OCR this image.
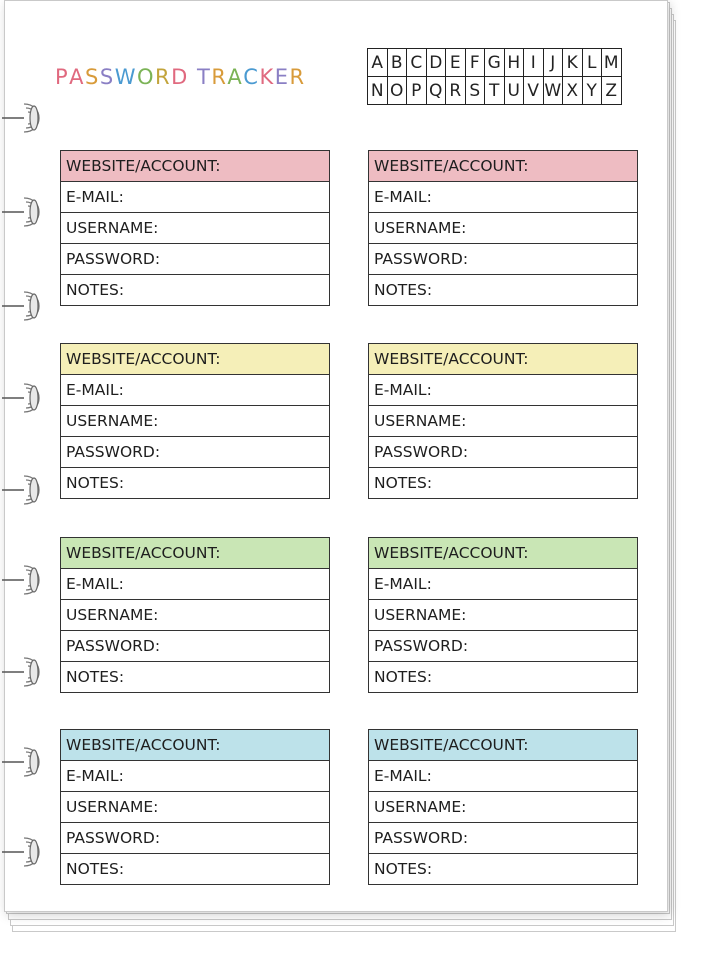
PASSWORD TRACKER
A	B	C	D	E	F	G	H	I	J	K	L	M
N	O	P	Q	R	S	T	U	V	W	X	Y	Z
WEBSITE/ACCOUNT:
E-MAIL:
USERNAME:
PASSWORD:
NOTES:
WEBSITE/ACCOUNT:
E-MAIL:
USERNAME:
PASSWORD:
NOTES:
WEBSITE/ACCOUNT:
E-MAIL:
USERNAME:
PASSWORD:
NOTES:
WEBSITE/ACCOUNT:
E-MAIL:
USERNAME:
PASSWORD:
NOTES:
WEBSITE/ACCOUNT:
E-MAIL:
USERNAME:
PASSWORD:
NOTES:
WEBSITE/ACCOUNT:
E-MAIL:
USERNAME:
PASSWORD:
NOTES:
WEBSITE/ACCOUNT:
E-MAIL:
USERNAME:
PASSWORD:
NOTES:
WEBSITE/ACCOUNT:
E-MAIL:
USERNAME:
PASSWORD:
NOTES:
